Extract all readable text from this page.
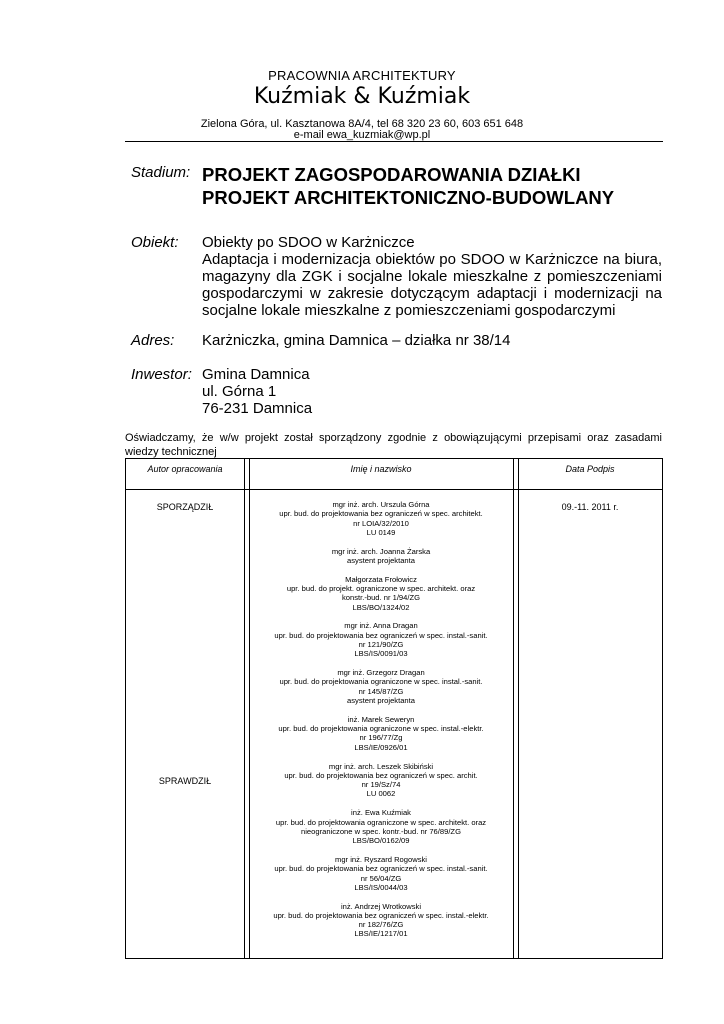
PRACOWNIA ARCHITEKTURY
Kuźmiak & Kuźmiak
Zielona Góra, ul. Kasztanowa 8A/4, tel 68 320 23 60, 603 651 648
e-mail ewa_kuzmiak@wp.pl
Stadium: PROJEKT ZAGOSPODAROWANIA DZIAŁKI
PROJEKT ARCHITEKTONICZNO-BUDOWLANY
Obiekt: Obiekty po SDOO w Karżniczce
Adaptacja i modernizacja obiektów po SDOO w Karżniczce na biura, magazyny dla ZGK i socjalne lokale mieszkalne z pomieszczeniami gospodarczymi w zakresie dotyczącym adaptacji i modernizacji na socjalne lokale mieszkalne z pomieszczeniami gospodarczymi
Adres: Karżniczka, gmina Damnica – działka nr 38/14
Inwestor: Gmina Damnica
ul. Górna 1
76-231 Damnica
Oświadczamy, że w/w projekt został sporządzony zgodnie z obowiązującymi przepisami oraz zasadami wiedzy technicznej
Autor opracowania	Imię i nazwisko	Data Podpis
SPORZĄDZIŁ
SPRAWDZIŁ
09.-11. 2011 r.
mgr inż. arch. Urszula Górna
upr. bud. do projektowania bez ograniczeń w spec. architekt.
nr LOIA/32/2010
LU 0149
mgr inż. arch. Joanna Żarska
asystent projektanta
Małgorzata Frołowicz
upr. bud. do projekt. ograniczone w spec. architekt. oraz
konstr.-bud. nr 1/94/ZG
LBS/BO/1324/02
mgr inż. Anna Dragan
upr. bud. do projektowania bez ograniczeń w spec. instal.-sanit.
nr 121/90/ZG
LBS/IS/0091/03
mgr inż. Grzegorz Dragan
upr. bud. do projektowania ograniczone w spec. instal.-sanit.
nr 145/87/ZG
asystent projektanta
inż. Marek Seweryn
upr. bud. do projektowania ograniczone w spec. instal.-elektr.
nr 196/77/Zg
LBS/IE/0926/01
mgr inż. arch. Leszek Skibiński
upr. bud. do projektowania bez ograniczeń w spec. archit.
nr 19/Sz/74
LU 0062
inż. Ewa Kuźmiak
upr. bud. do projektowania ograniczone w spec. architekt. oraz
nieograniczone w spec. kontr.-bud. nr 76/89/ZG
LBS/BO/0162/09
mgr inż. Ryszard Rogowski
upr. bud. do projektowania bez ograniczeń w spec. instal.-sanit.
nr 56/04/ZG
LBS/IS/0044/03
inż. Andrzej Wrotkowski
upr. bud. do projektowania bez ograniczeń w spec. instal.-elektr.
nr 182/76/ZG
LBS/IE/1217/01
